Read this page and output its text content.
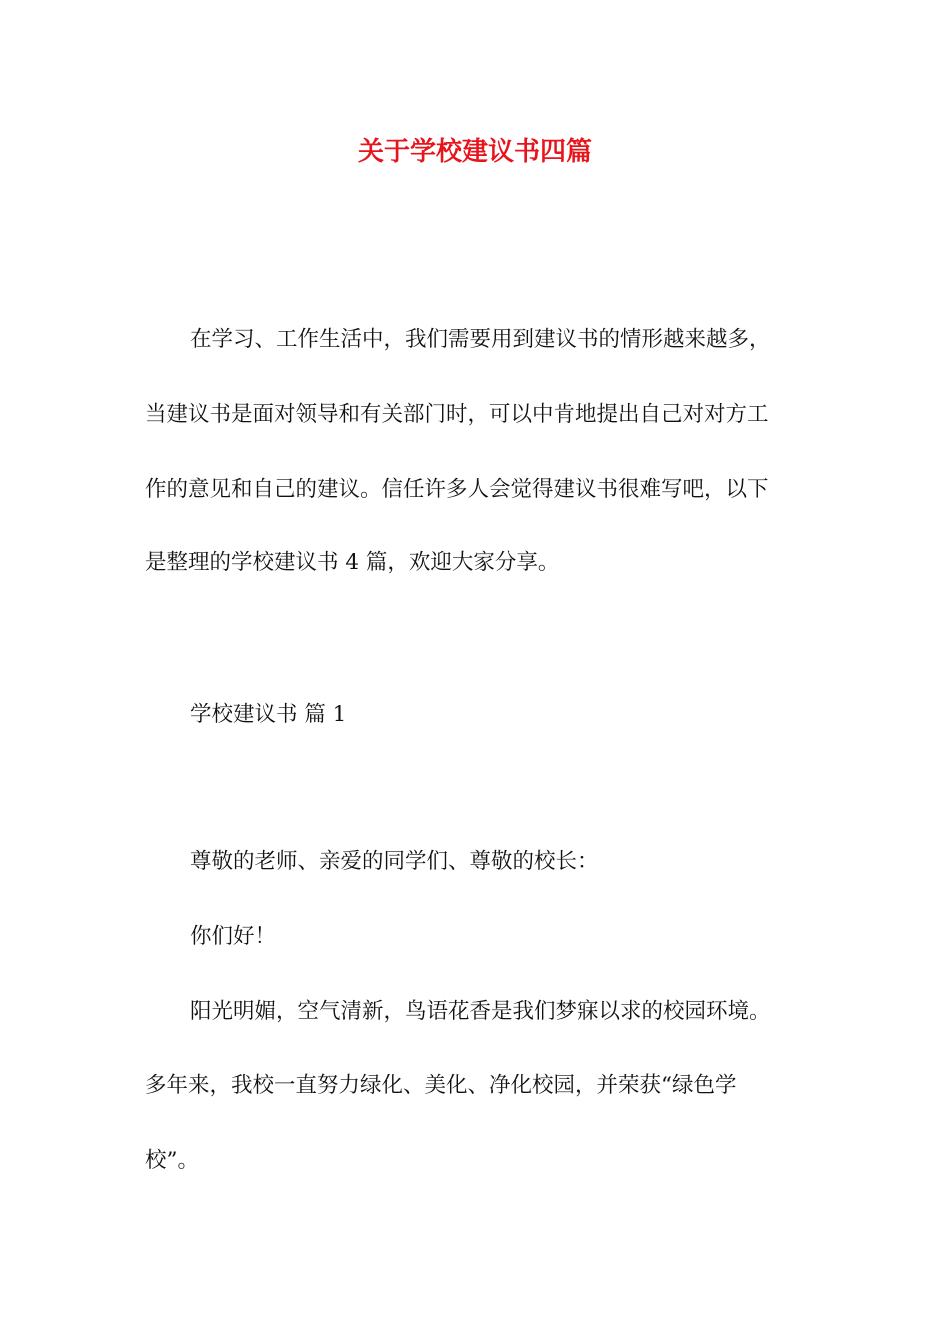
关于学校建议书四篇
在学习、工作生活中，我们需要用到建议书的情形越来越多，
当建议书是面对领导和有关部门时，可以中肯地提出自己对对方工
作的意见和自己的建议。信任许多人会觉得建议书很难写吧，以下
是整理的学校建议书 4 篇，欢迎大家分享。
学校建议书 篇 1
尊敬的老师、亲爱的同学们、尊敬的校长：
你们好！
阳光明媚，空气清新，鸟语花香是我们梦寐以求的校园环境。
多年来，我校一直努力绿化、美化、净化校园，并荣获“绿色学
校”。
